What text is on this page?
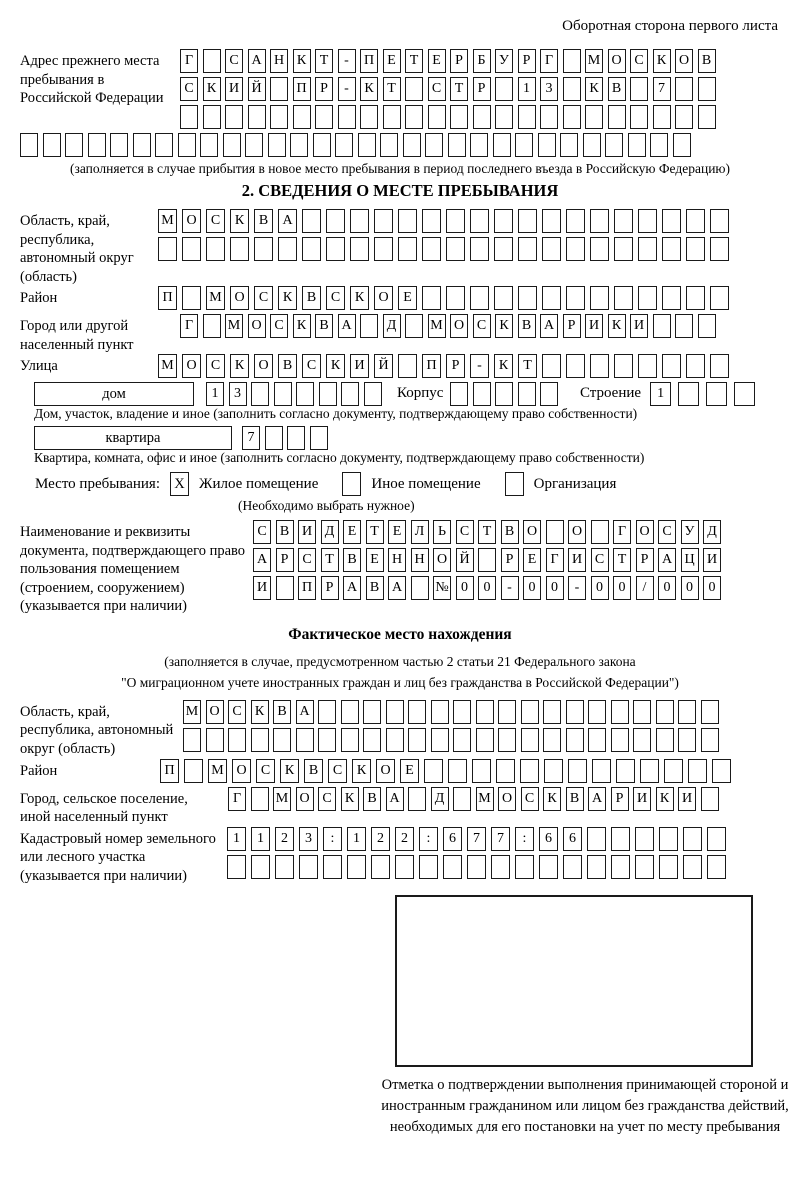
Оборотная сторона первого листа
Адрес прежнего места пребывания в Российской Федерации
Г	С А Н К Т	-	П Е Т Е	Р	Б У Р	Г	М О С К О В
С К И Й П Р	-	К Т	С Т	Р	1	3	К В	7
(заполняется в случае прибытия в новое место пребывания в период последнего въезда в Российскую Федерацию)
2. СВЕДЕНИЯ О МЕСТЕ ПРЕБЫВАНИЯ
Область, край, республика, автономный округ (область)
М О	С	К	В	А
Район	П	М О	С	К	В	С	К	О	Е
Город или другой населенный пункт
Г	М О С К В А	Д	М О С К В А Р И К И
Улица	М О	С	К	О	В	С	К	И Й	П	Р	-	К	Т
дом	1	3	Корпус	Строение	1
Дом, участок, владение и иное (заполнить согласно документу, подтверждающему право собственности)
квартира	7
Квартира, комната, офис и иное (заполнить согласно документу, подтверждающему право собственности)
Место пребывания: X Жилое помещение	Иное помещение	Организация
(Необходимо выбрать нужное)
Наименование и реквизиты документа, подтверждающего право пользования помещением (строением, сооружением) (указывается при наличии)
С В И Д Е Т Е Л Ь С Т В О О	Г О С У Д
А Р С Т В Е Н Н О Й	Р	Е	Г И С Т	Р А Ц И
И П Р А В А № 0	0	-	0	0	-	0	0	/	0	0	0
Фактическое место нахождения
(заполняется в случае, предусмотренном частью 2 статьи 21 Федерального закона
"О миграционном учете иностранных граждан и лиц без гражданства в Российской Федерации")
Область, край, республика, автономный округ (область)
М О С К В А
Район	П	М О	С	К	В	С	К	О	Е
Город, сельское поселение, иной населенный пункт
Г	М О С К В А	Д	М О С К В А Р И К И
Кадастровый номер земельного или лесного участка (указывается при наличии)
1	1	2	3	:	1	2	2	:	6	7	7	:	6	6
Отметка о подтверждении выполнения принимающей стороной и иностранным гражданином или лицом без гражданства действий, необходимых для его постановки на учет по месту пребывания
